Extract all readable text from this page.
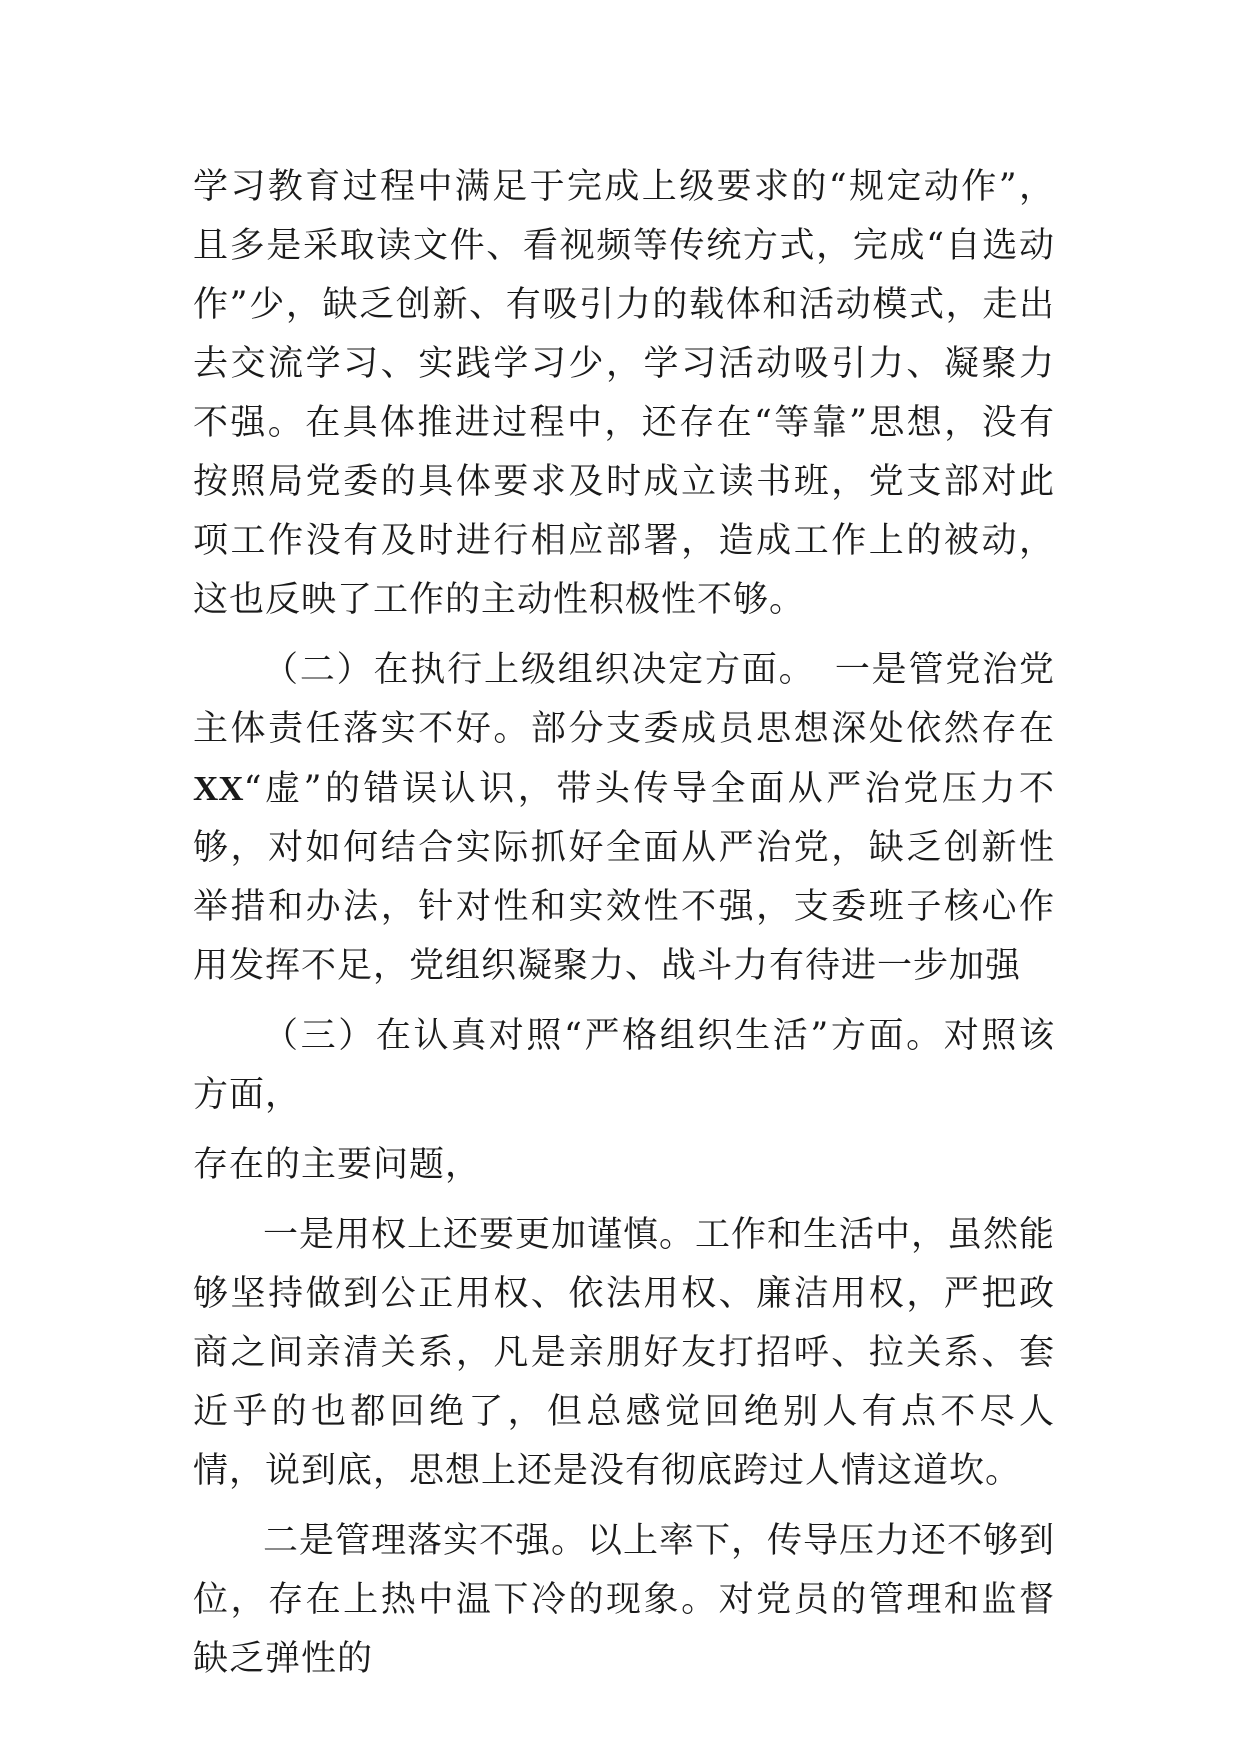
学习教育过程中满足于完成上级要求的“规定动作”，且多是采取读文件、看视频等传统方式，完成“自选动作”少，缺乏创新、有吸引力的载体和活动模式，走出去交流学习、实践学习少，学习活动吸引力、凝聚力不强。在具体推进过程中，还存在“等靠”思想，没有按照局党委的具体要求及时成立读书班，党支部对此项工作没有及时进行相应部署，造成工作上的被动，这也反映了工作的主动性积极性不够。

（二）在执行上级组织决定方面。　一是管党治党主体责任落实不好。部分支委成员思想深处依然存在 XX“虚”的错误认识，带头传导全面从严治党压力不够，对如何结合实际抓好全面从严治党，缺乏创新性举措和办法，针对性和实效性不强，支委班子核心作用发挥不足，党组织凝聚力、战斗力有待进一步加强

（三）在认真对照“严格组织生活”方面。对照该方面，

存在的主要问题，

一是用权上还要更加谨慎。工作和生活中，虽然能够坚持做到公正用权、依法用权、廉洁用权，严把政商之间亲清关系，凡是亲朋好友打招呼、拉关系、套近乎的也都回绝了，但总感觉回绝别人有点不尽人情，说到底，思想上还是没有彻底跨过人情这道坎。

二是管理落实不强。以上率下，传导压力还不够到位，存在上热中温下冷的现象。对党员的管理和监督缺乏弹性的
